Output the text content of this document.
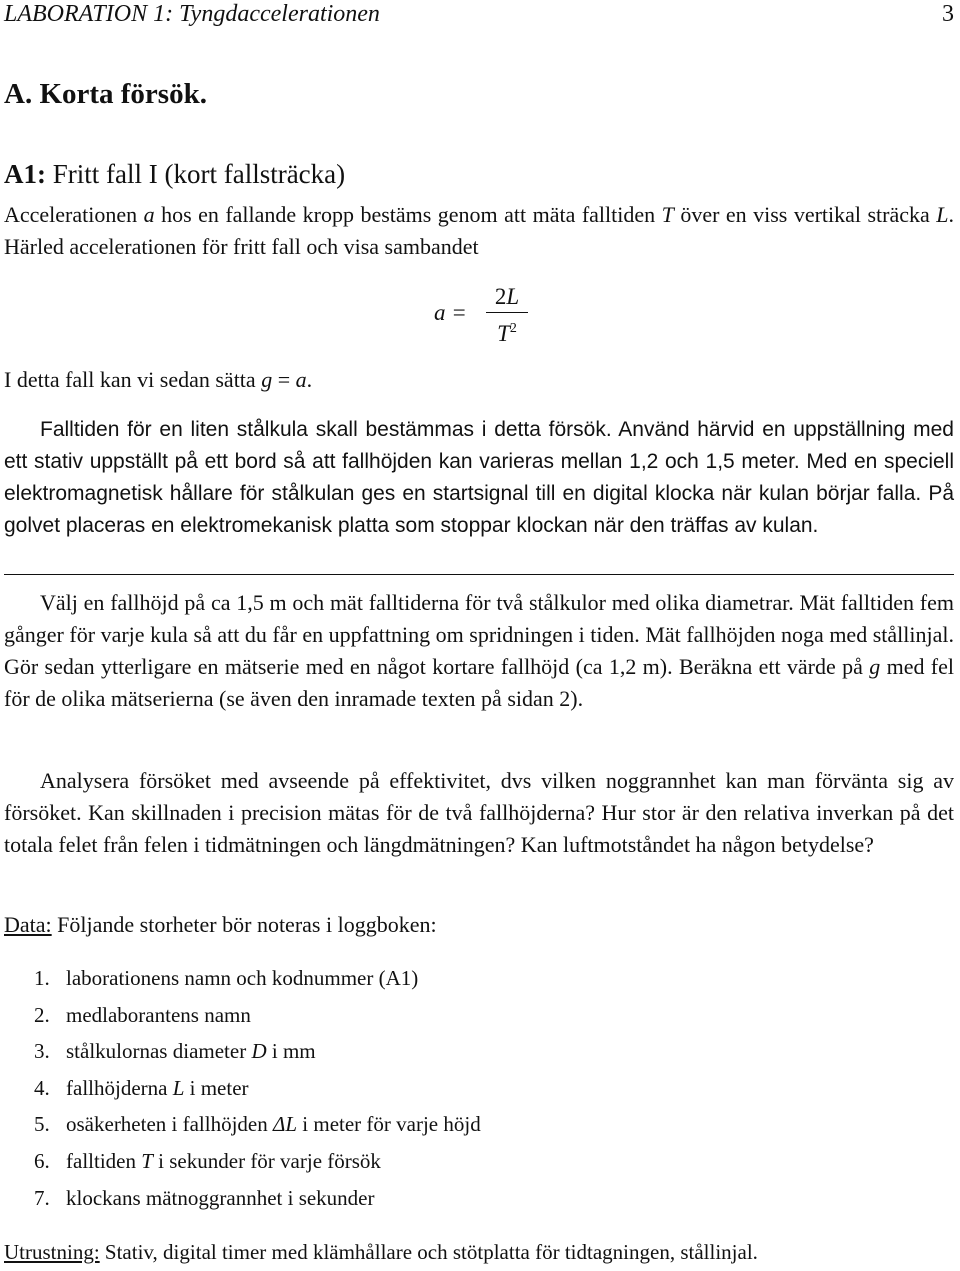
LABORATION 1: Tyngdaccelerationen	3
A. Korta försök.
A1: Fritt fall I (kort fallsträcka)
Accelerationen a hos en fallande kropp bestäms genom att mäta falltiden T över en viss vertikal sträcka L. Härled accelerationen för fritt fall och visa sambandet
a =
2L
$T^2$
I detta fall kan vi sedan sätta g = a.
Falltiden för en liten stålkula skall bestämmas i detta försök. Använd härvid en uppställning med ett stativ uppställt på ett bord så att fallhöjden kan varieras mellan 1,2 och 1,5 meter. Med en speciell elektromagnetisk hållare för stålkulan ges en startsignal till en digital klocka när kulan börjar falla. På golvet placeras en elektromekanisk platta som stoppar klockan när den träffas av kulan.
Välj en fallhöjd på ca 1,5 m och mät falltiderna för två stålkulor med olika diametrar. Mät falltiden fem gånger för varje kula så att du får en uppfattning om spridningen i tiden. Mät fallhöjden noga med stållinjal. Gör sedan ytterligare en mätserie med en något kortare fallhöjd (ca 1,2 m). Beräkna ett värde på g med fel för de olika mätserierna (se även den inramade texten på sidan 2).
Analysera försöket med avseende på effektivitet, dvs vilken noggrannhet kan man förvänta sig av försöket. Kan skillnaden i precision mätas för de två fallhöjderna? Hur stor är den relativa inverkan på det totala felet från felen i tidmätningen och längdmätningen? Kan luftmotståndet ha någon betydelse?
Data: Följande storheter bör noteras i loggboken:
1. laborationens namn och kodnummer (A1)
2. medlaborantens namn
3. stålkulornas diameter D i mm
4. fallhöjderna L i meter
5. osäkerheten i fallhöjden ΔL i meter för varje höjd
6. falltiden T i sekunder för varje försök
7. klockans mätnoggrannhet i sekunder
Utrustning: Stativ, digital timer med klämhållare och stötplatta för tidtagningen, stållinjal.
